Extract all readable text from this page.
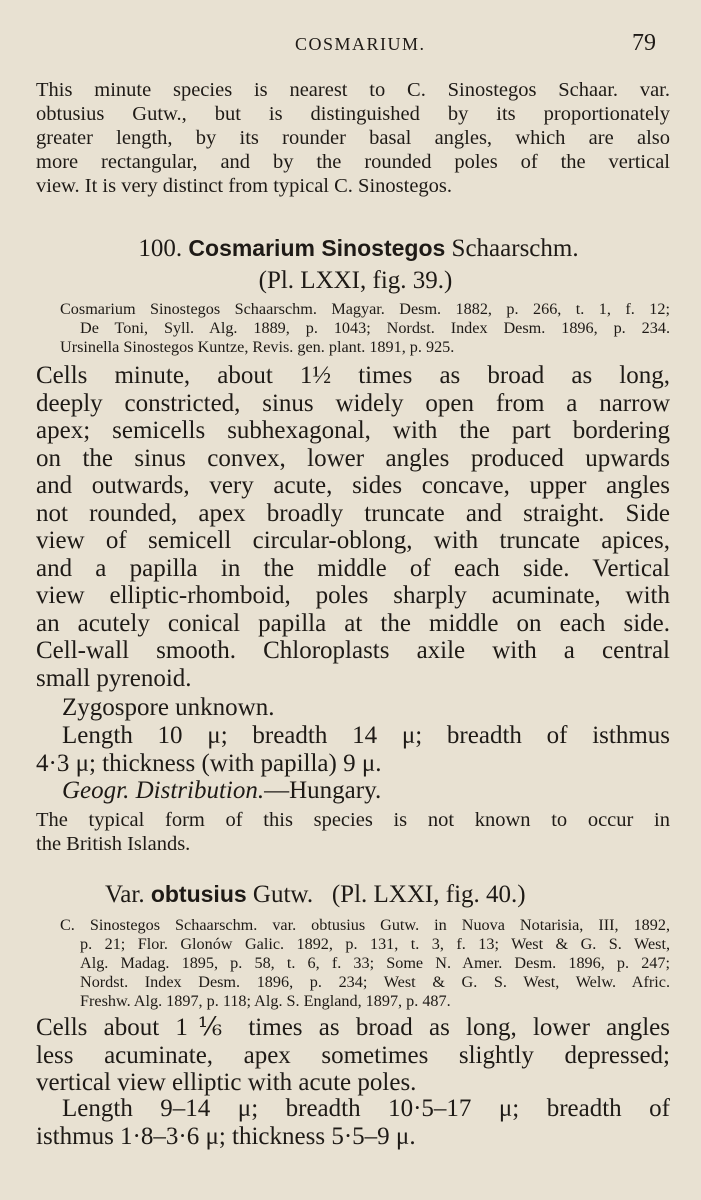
COSMARIUM.	79

This minute species is nearest to C. Sinostegos Schaar. var.
obtusius Gutw., but is distinguished by its proportionately
greater length, by its rounder basal angles, which are also
more rectangular, and by the rounded poles of the vertical
view. It is very distinct from typical C. Sinostegos.

100. Cosmarium Sinostegos Schaarschm.
(Pl. LXXI, fig. 39.)

Cosmarium Sinostegos Schaarschm. Magyar. Desm. 1882, p. 266, t. 1, f. 12;
De Toni, Syll. Alg. 1889, p. 1043; Nordst. Index Desm. 1896, p. 234.
Ursinella Sinostegos Kuntze, Revis. gen. plant. 1891, p. 925.

Cells minute, about 1½ times as broad as long,
deeply constricted, sinus widely open from a narrow
apex; semicells subhexagonal, with the part bordering
on the sinus convex, lower angles produced upwards
and outwards, very acute, sides concave, upper angles
not rounded, apex broadly truncate and straight. Side
view of semicell circular-oblong, with truncate apices,
and a papilla in the middle of each side. Vertical
view elliptic-rhomboid, poles sharply acuminate, with
an acutely conical papilla at the middle on each side.
Cell-wall smooth. Chloroplasts axile with a central
small pyrenoid.

Zygospore unknown.

Length 10 μ; breadth 14 μ; breadth of isthmus
4·3 μ; thickness (with papilla) 9 μ.

Geogr. Distribution.—Hungary.

The typical form of this species is not known to occur in
the British Islands.

Var. obtusius Gutw. (Pl. LXXI, fig. 40.)

C. Sinostegos Schaarschm. var. obtusius Gutw. in Nuova Notarisia, III, 1892,
p. 21; Flor. Glonów Galic. 1892, p. 131, t. 3, f. 13; West & G. S. West,
Alg. Madag. 1895, p. 58, t. 6, f. 33; Some N. Amer. Desm. 1896, p. 247;
Nordst. Index Desm. 1896, p. 234; West & G. S. West, Welw. Afric.
Freshw. Alg. 1897, p. 118; Alg. S. England, 1897, p. 487.

Cells about 1⅙ times as broad as long, lower angles
less acuminate, apex sometimes slightly depressed;
vertical view elliptic with acute poles.

Length 9–14 μ; breadth 10·5–17 μ; breadth of
isthmus 1·8–3·6 μ; thickness 5·5–9 μ.
